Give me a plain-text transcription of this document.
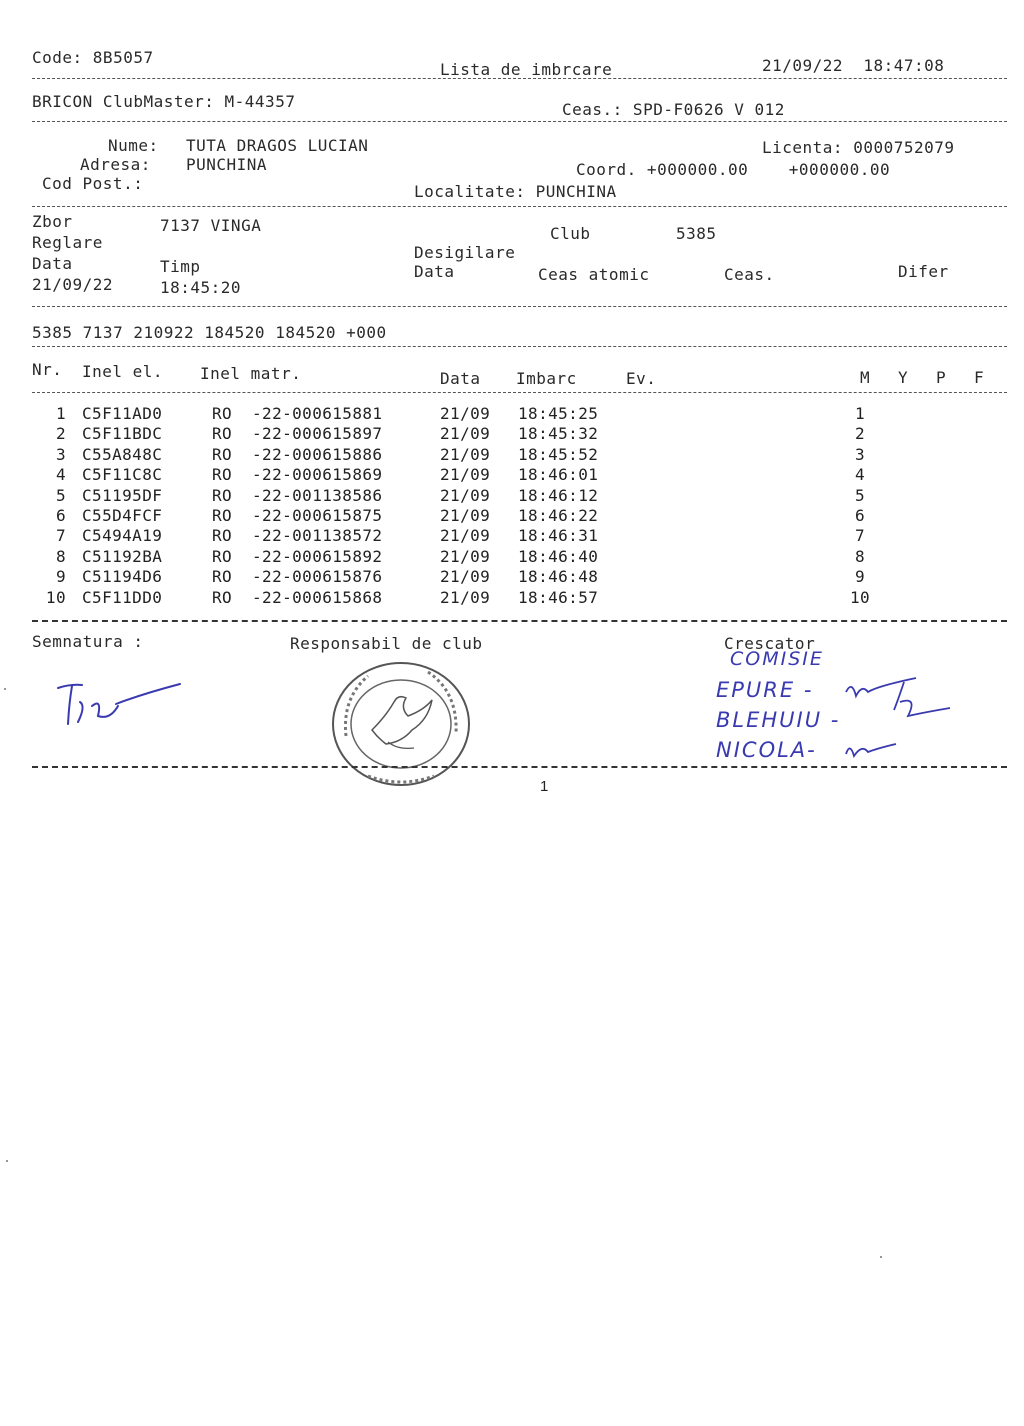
Code: 8B5057
Lista de imbrcare	21/09/22  18:47:08
BRICON ClubMaster: M-44357	Ceas.: SPD-F0626 V 012
Nume: TUTA DRAGOS LUCIAN	Licenta: 0000752079
Adresa: PUNCHINA	Coord. +000000.00    +000000.00
Cod Post.:	Localitate: PUNCHINA
Zbor	7137 VINGA	Club	5385
Reglare
Desigilare
Data	Timp	Data	Ceas atomic	Ceas.	Difer
21/09/22	18:45:20
5385 7137 210922 184520 184520 +000
Nr. Inel el. Inel matr.	Data Imbarc	Ev.	M Y P F
1 C5F11AD0	RO -22-000615881	21/09 18:45:25	1
2 C5F11BDC	RO -22-000615897	21/09 18:45:32	2
3 C55A848C	RO -22-000615886	21/09 18:45:52	3
4 C5F11C8C	RO -22-000615869	21/09 18:46:01	4
5 C51195DF	RO -22-001138586	21/09 18:46:12	5
6 C55D4FCF	RO -22-000615875	21/09 18:46:22	6
7 C5494A19	RO -22-001138572	21/09 18:46:31	7
8 C51192BA	RO -22-000615892	21/09 18:46:40	8
9 C51194D6	RO -22-000615876	21/09 18:46:48	9
10 C5F11DD0	RO -22-000615868	21/09 18:46:57	10
Semnatura :	Responsabil de club	Crescator
COMISIE
EPURE -
BLEHUIU -
NICOLA-
1
